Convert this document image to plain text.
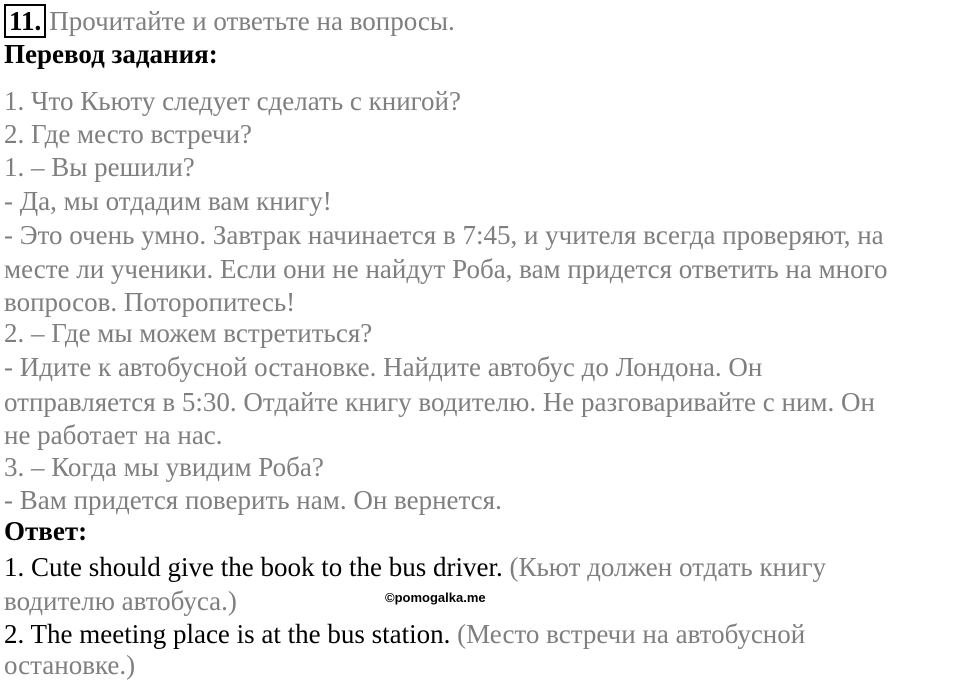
11. Прочитайте и ответьте на вопросы.
Перевод задания:
1. Что Кьюту следует сделать с книгой?
2. Где место встречи?
1. – Вы решили?
- Да, мы отдадим вам книгу!
- Это очень умно. Завтрак начинается в 7:45, и учителя всегда проверяют, на
месте ли ученики. Если они не найдут Роба, вам придется ответить на много
вопросов. Поторопитесь!
2. – Где мы можем встретиться?
- Идите к автобусной остановке. Найдите автобус до Лондона. Он
отправляется в 5:30. Отдайте книгу водителю. Не разговаривайте с ним. Он
не работает на нас.
3. – Когда мы увидим Роба?
- Вам придется поверить нам. Он вернется.
Ответ:
1. Cute should give the book to the bus driver. (Кьют должен отдать книгу
водителю автобуса.)	©pomogalka.me
2. The meeting place is at the bus station. (Место встречи на автобусной
остановке.)
